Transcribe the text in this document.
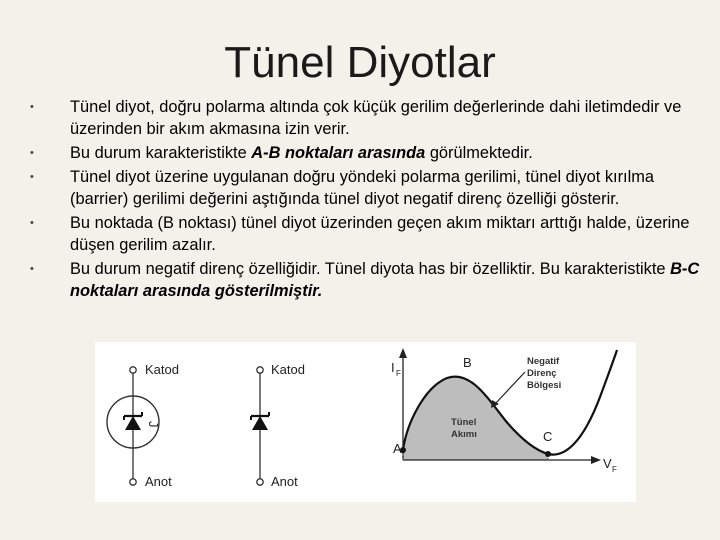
Tünel Diyotlar
• Tünel diyot, doğru polarma altında çok küçük gerilim değerlerinde dahi iletimdedir ve üzerinden bir akım akmasına izin verir.
• Bu durum karakteristikte A-B noktaları arasında görülmektedir.
• Tünel diyot üzerine uygulanan doğru yöndeki polarma gerilimi, tünel diyot kırılma (barrier) gerilimi değerini aştığında tünel diyot negatif direnç özelliği gösterir.
• Bu noktada (B noktası) tünel diyot üzerinden geçen akım miktarı arttığı halde, üzerine düşen gerilim azalır.
• Bu durum negatif direnç özelliğidir. Tünel diyota has bir özelliktir. Bu karakteristikte B-C noktaları arasında gösterilmiştir.
Katod
J
Anot
Katod
Anot
I F
V F
A
B
C
Tünel
Akımı
Negatif
Direnç
Bölgesi
